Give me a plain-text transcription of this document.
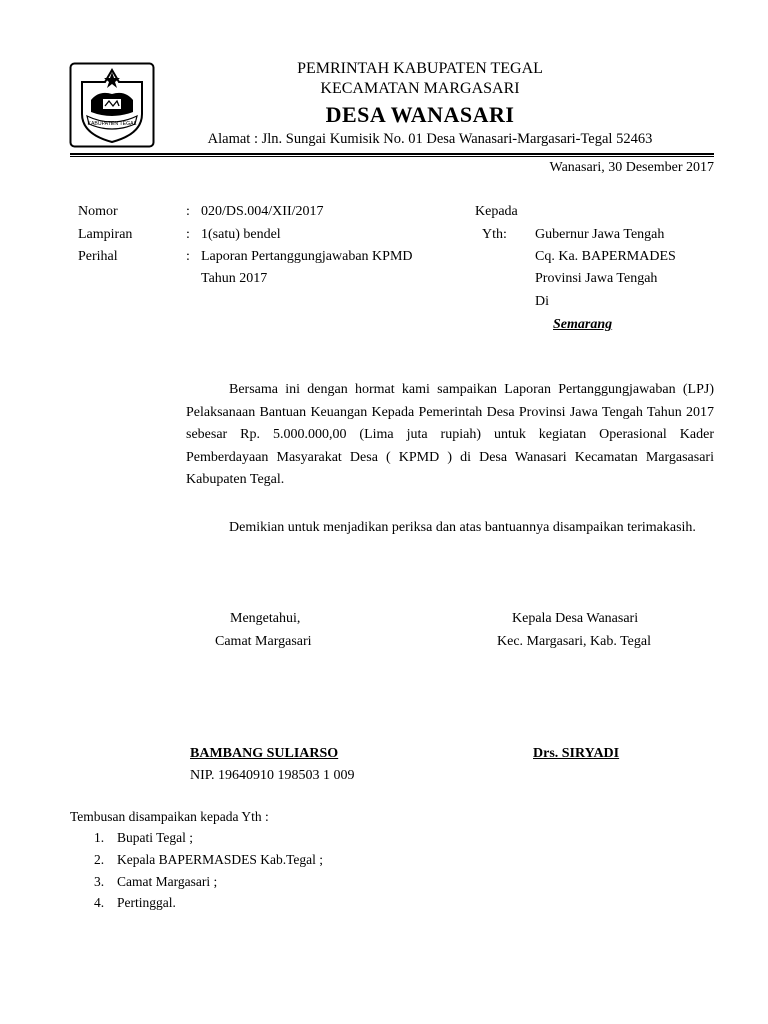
KABUPATEN TEGAL
PEMRINTAH KABUPATEN TEGAL
KECAMATAN MARGASARI
DESA WANASARI
Alamat : Jln. Sungai Kumisik No. 01 Desa Wanasari-Margasari-Tegal 52463
Wanasari, 30 Desember 2017
Nomor	: 020/DS.004/XII/2017
Lampiran	: 1(satu) bendel
Perihal	: Laporan Pertanggungjawaban KPMD
Tahun 2017
Kepada
Yth: Gubernur Jawa Tengah
Cq. Ka. BAPERMADES
Provinsi Jawa Tengah
Di
Semarang

Bersama ini dengan hormat kami sampaikan Laporan Pertanggungjawaban (LPJ) Pelaksanaan Bantuan Keuangan Kepada Pemerintah Desa Provinsi Jawa Tengah Tahun 2017 sebesar Rp. 5.000.000,00 (Lima juta rupiah) untuk kegiatan Operasional Kader Pemberdayaan Masyarakat Desa ( KPMD ) di Desa Wanasari Kecamatan Margasasari Kabupaten Tegal.

Demikian untuk menjadikan periksa dan atas bantuannya disampaikan terimakasih.

Mengetahui,
Camat Margasari
Kepala Desa Wanasari
Kec. Margasari, Kab. Tegal
BAMBANG SULIARSO
NIP. 19640910 198503 1 009
Drs. SIRYADI
Tembusan disampaikan kepada Yth :
1. Bupati Tegal ;
2. Kepala BAPERMASDES Kab.Tegal ;
3. Camat Margasari ;
4. Pertinggal.
